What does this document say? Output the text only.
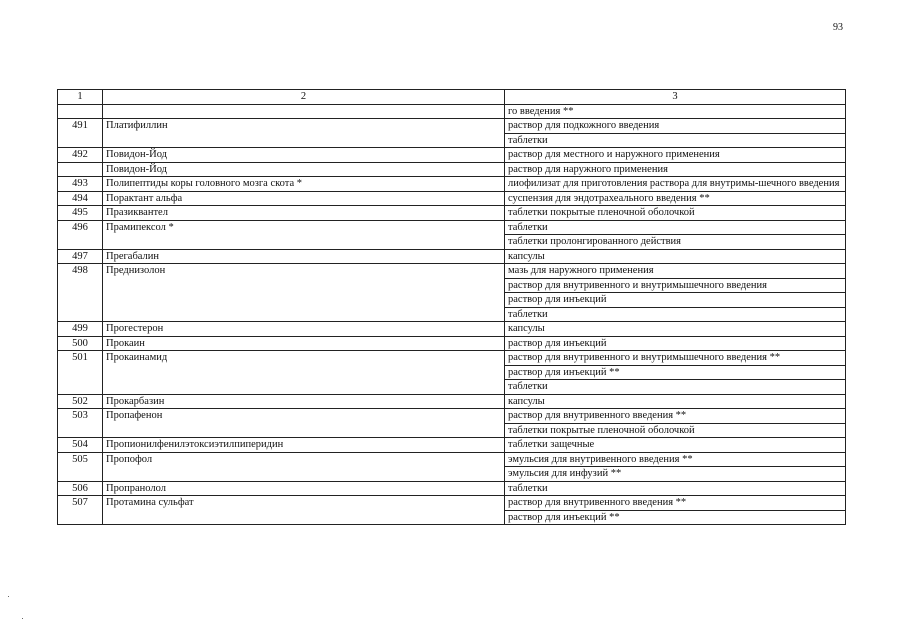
93
1	2	3
		го введения **
491	Платифиллин	раствор для подкожного введения
		таблетки
492	Повидон-Йод	раствор для местного и наружного применения
	Повидон-Йод	раствор для наружного применения
493	Полипептиды коры головного мозга скота *	лиофилизат для приготовления раствора для внутримы-шечного введения
494	Порактант альфа	суспензия для эндотрахеального введения **
495	Празиквантел	таблетки покрытые пленочной оболочкой
496	Прамипексол *	таблетки
		таблетки пролонгированного действия
497	Прегабалин	капсулы
498	Преднизолон	мазь для наружного применения
		раствор для внутривенного и внутримышечного введения
		раствор для инъекций
		таблетки
499	Прогестерон	капсулы
500	Прокаин	раствор для инъекций
501	Прокаинамид	раствор для внутривенного и внутримышечного введения **
		раствор для инъекций **
		таблетки
502	Прокарбазин	капсулы
503	Пропафенон	раствор для внутривенного введения **
		таблетки покрытые пленочной оболочкой
504	Пропионилфенилэтоксиэтилпиперидин	таблетки защечные
505	Пропофол	эмульсия для внутривенного введения **
		эмульсия для инфузий **
506	Пропранолол	таблетки
507	Протамина сульфат	раствор для внутривенного введения **
		раствор для инъекций **
